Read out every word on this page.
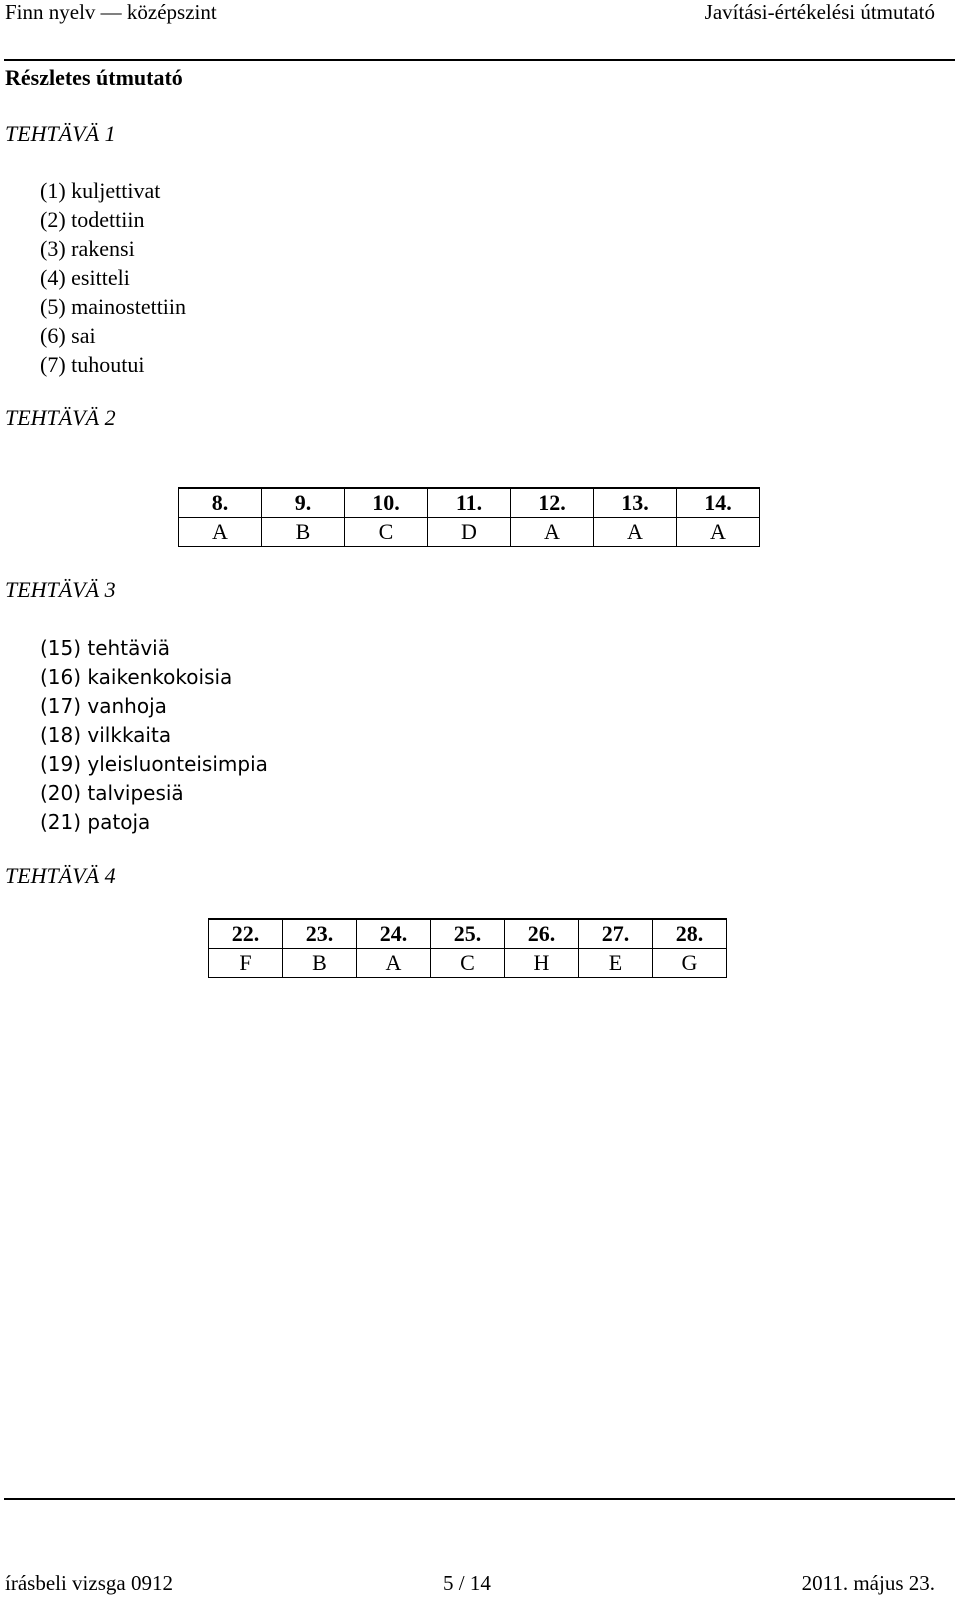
Finn nyelv — középszint	Javítási-értékelési útmutató
Részletes útmutató
TEHTÄVÄ 1
(1) kuljettivat
(2) todettiin
(3) rakensi
(4) esitteli
(5) mainostettiin
(6) sai
(7) tuhoutui
TEHTÄVÄ 2
8.	9.	10.	11.	12.	13.	14.
A	B	C	D	A	A	A
TEHTÄVÄ 3
(15) tehtäviä
(16) kaikenkokoisia
(17) vanhoja
(18) vilkkaita
(19) yleisluonteisimpia
(20) talvipesiä
(21) patoja
TEHTÄVÄ 4
22.	23.	24.	25.	26.	27.	28.
F	B	A	C	H	E	G
írásbeli vizsga 0912	5 / 14	2011. május 23.
